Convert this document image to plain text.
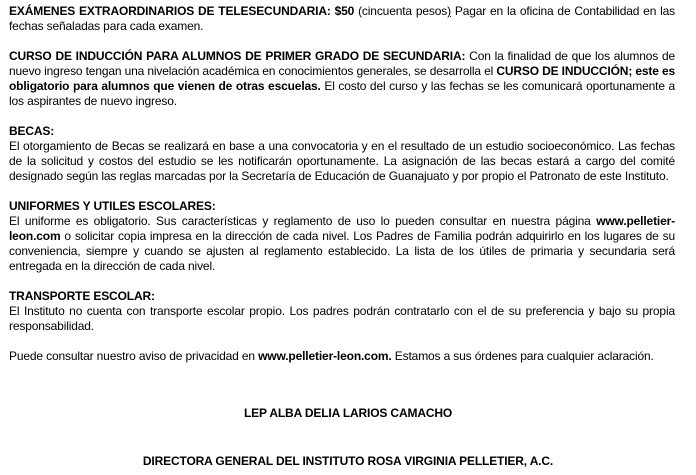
EXÁMENES EXTRAORDINARIOS DE TELESECUNDARIA: $50 (cincuenta pesos) Pagar en la oficina de Contabilidad en las fechas señaladas para cada examen.

CURSO DE INDUCCIÓN PARA ALUMNOS DE PRIMER GRADO DE SECUNDARIA: Con la finalidad de que los alumnos de nuevo ingreso tengan una nivelación académica en conocimientos generales, se desarrolla el CURSO DE INDUCCIÓN; este es obligatorio para alumnos que vienen de otras escuelas. El costo del curso y las fechas se les comunicará oportunamente a los aspirantes de nuevo ingreso.

BECAS:
El otorgamiento de Becas se realizará en base a una convocatoria y en el resultado de un estudio socioeconómico. Las fechas de la solicitud y costos del estudio se les notificarán oportunamente. La asignación de las becas estará a cargo del comité designado según las reglas marcadas por la Secretaría de Educación de Guanajuato y por propio el Patronato de este Instituto.

UNIFORMES Y UTILES ESCOLARES:
El uniforme es obligatorio. Sus características y reglamento de uso lo pueden consultar en nuestra página www.pelletier-leon.com o solicitar copia impresa en la dirección de cada nivel. Los Padres de Familia podrán adquirirlo en los lugares de su conveniencia, siempre y cuando se ajusten al reglamento establecido. La lista de los útiles de primaria y secundaria será entregada en la dirección de cada nivel.

TRANSPORTE ESCOLAR:
El Instituto no cuenta con transporte escolar propio. Los padres podrán contratarlo con el de su preferencia y bajo su propia responsabilidad.

Puede consultar nuestro aviso de privacidad en www.pelletier-leon.com. Estamos a sus órdenes para cualquier aclaración.

LEP ALBA DELIA LARIOS CAMACHO
DIRECTORA GENERAL DEL INSTITUTO ROSA VIRGINIA PELLETIER, A.C.
